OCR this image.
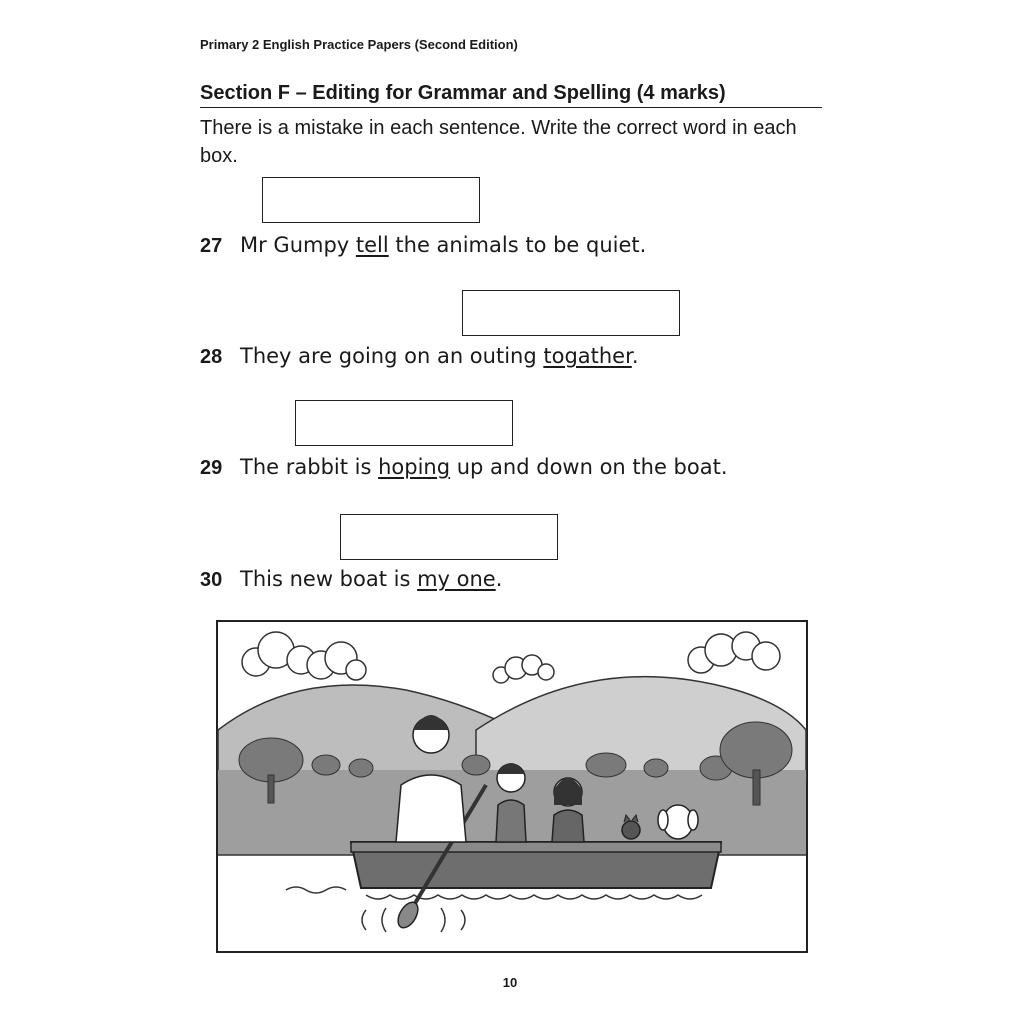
Primary 2 English Practice Papers (Second Edition)
Section F – Editing for Grammar and Spelling (4 marks)
There is a mistake in each sentence. Write the correct word in each box.
27 Mr Gumpy tell the animals to be quiet.
28 They are going on an outing togather.
29 The rabbit is hoping up and down on the boat.
30 This new boat is my one.
10
